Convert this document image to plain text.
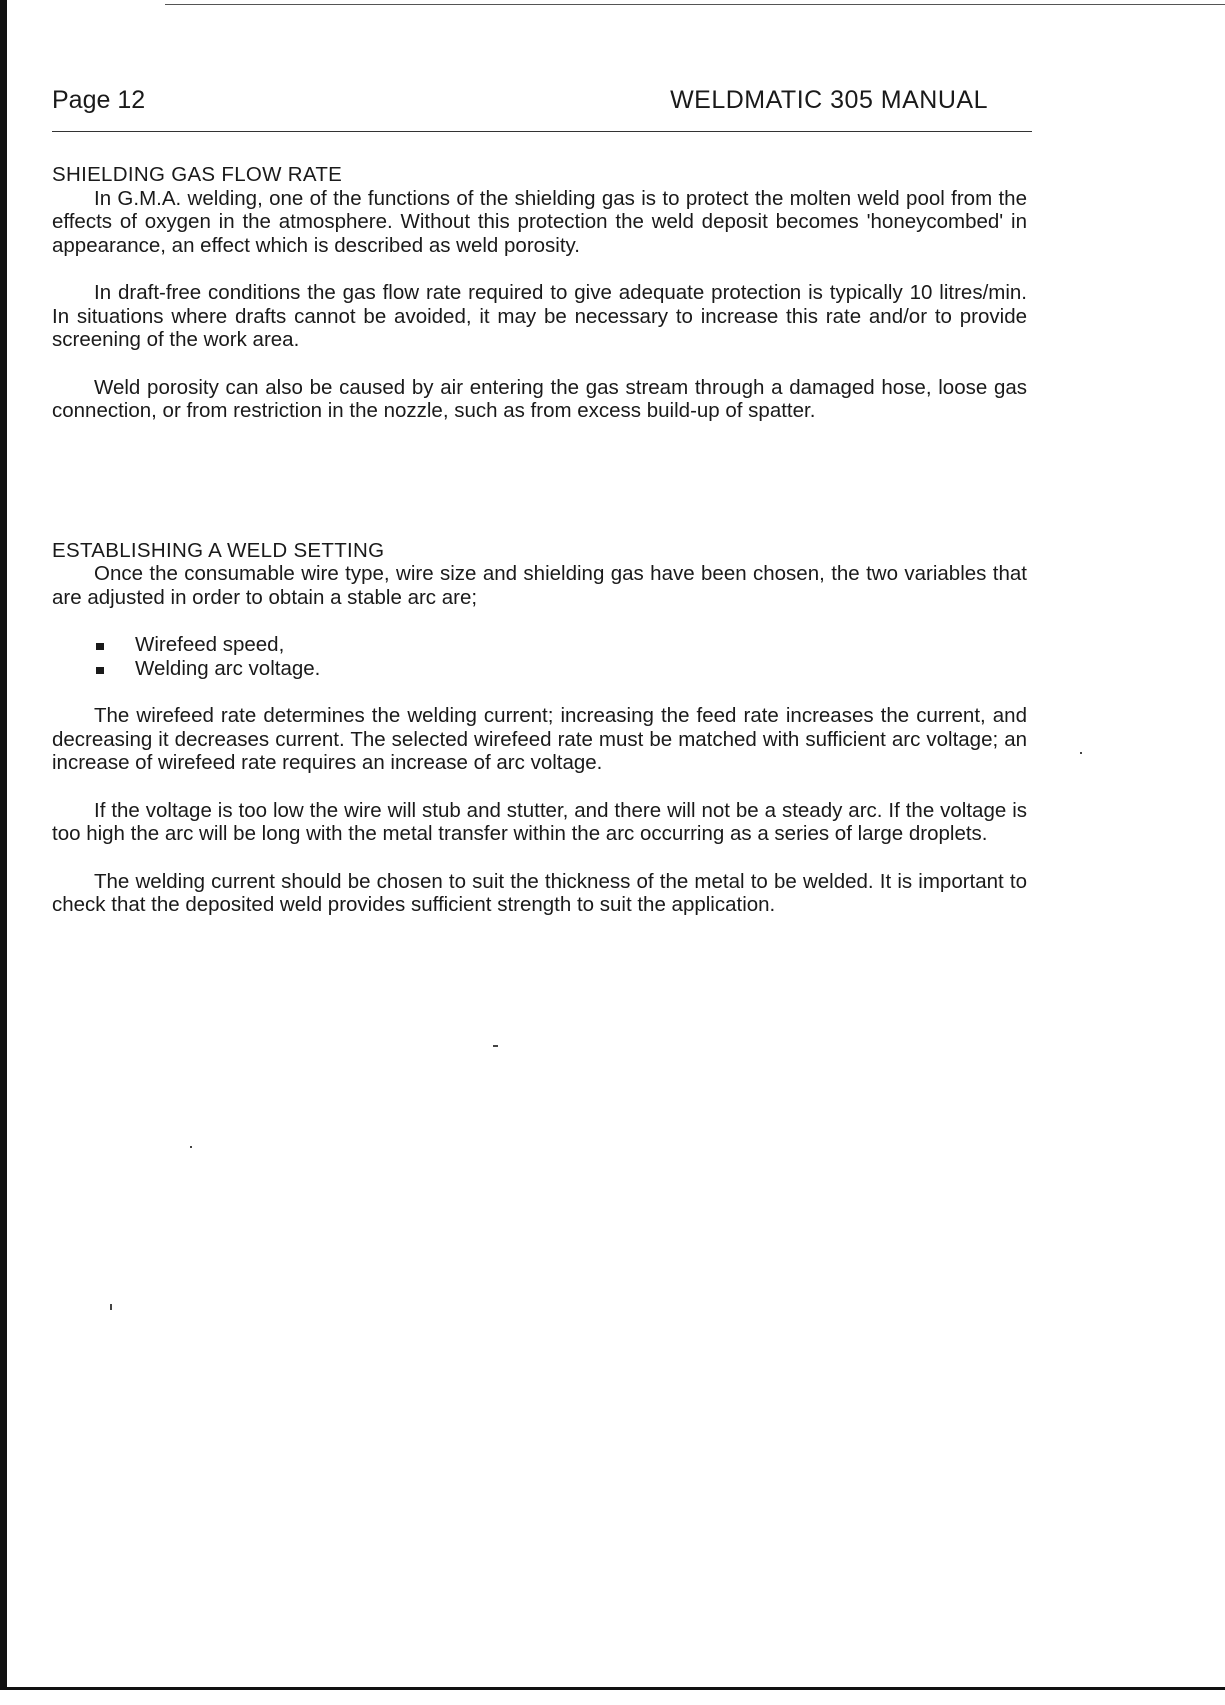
Page 12	WELDMATIC 305 MANUAL
SHIELDING GAS FLOW RATE

In G.M.A. welding, one of the functions of the shielding gas is to protect the molten weld pool from the effects of oxygen in the atmosphere. Without this protection the weld deposit becomes 'honeycombed' in appearance, an effect which is described as weld porosity.

In draft-free conditions the gas flow rate required to give adequate protection is typically 10 litres/min. In situations where drafts cannot be avoided, it may be necessary to increase this rate and/or to provide screening of the work area.

Weld porosity can also be caused by air entering the gas stream through a damaged hose, loose gas connection, or from restriction in the nozzle, such as from excess build-up of spatter.

ESTABLISHING A WELD SETTING

Once the consumable wire type, wire size and shielding gas have been chosen, the two variables that are adjusted in order to obtain a stable arc are;

Wirefeed speed,
Welding arc voltage.

The wirefeed rate determines the welding current; increasing the feed rate increases the current, and decreasing it decreases current. The selected wirefeed rate must be matched with sufficient arc voltage; an increase of wirefeed rate requires an increase of arc voltage.

If the voltage is too low the wire will stub and stutter, and there will not be a steady arc. If the voltage is too high the arc will be long with the metal transfer within the arc occurring as a series of large droplets.

The welding current should be chosen to suit the thickness of the metal to be welded. It is important to check that the deposited weld provides sufficient strength to suit the application.
